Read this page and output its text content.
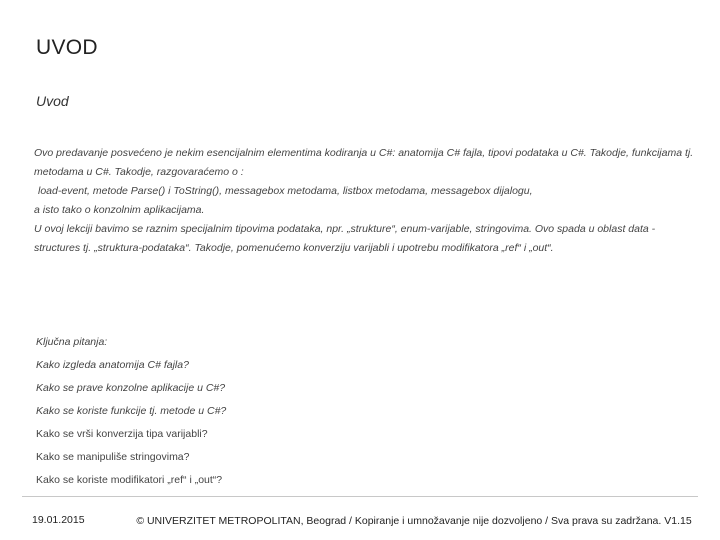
UVOD
Uvod

Ovo predavanje posvećeno je nekim esencijalnim elementima kodiranja u C#: anatomija C# fajla, tipovi podataka u C#. Takodje, funkcijama tj. metodama u C#. Takodje, razgovaraćemo o :

load-event, metode Parse() i ToString(), messagebox metodama, listbox metodama, messagebox dijalogu,

a isto tako o konzolnim aplikacijama.

U ovoj lekciji bavimo se raznim specijalnim tipovima podataka, npr. „strukture“, enum-varijable, stringovima. Ovo spada u oblast data -structures tj. „struktura-podataka“. Takodje, pomenućemo konverziju varijabli i upotrebu modifikatora „ref“ i „out“.

Ključna pitanja:

Kako izgleda anatomija C# fajla?

Kako se prave konzolne aplikacije u C#?

Kako se koriste funkcije tj. metode u C#?

Kako se vrši konverzija tipa varijabli?

Kako se manipuliše stringovima?

Kako se koriste modifikatori „ref“ i „out“?

19.01.2015	© UNIVERZITET METROPOLITAN, Beograd / Kopiranje i umnožavanje nije dozvoljeno / Sva prava su zadržana. V1.15
